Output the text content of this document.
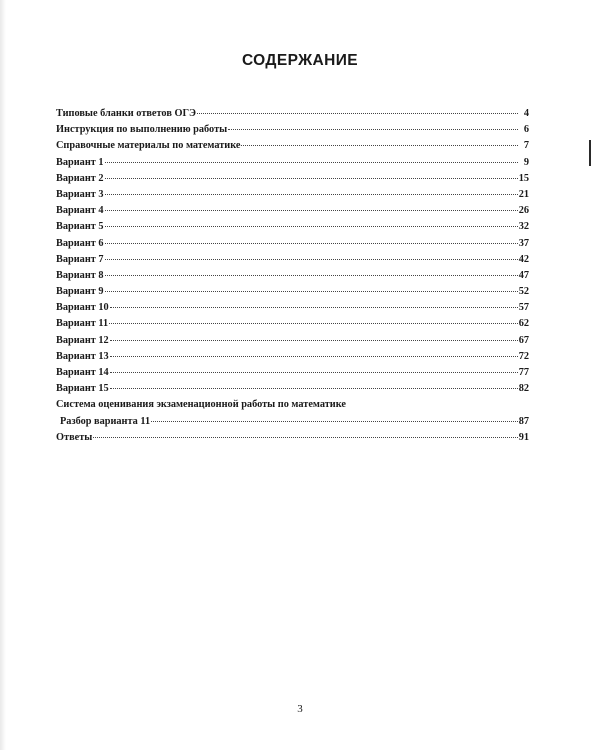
СОДЕРЖАНИЕ
Типовые бланки ответов ОГЭ	4
Инструкция по выполнению работы	6
Справочные материалы по математике	7
Вариант 1	9
Вариант 2	15
Вариант 3	21
Вариант 4	26
Вариант 5	32
Вариант 6	37
Вариант 7	42
Вариант 8	47
Вариант 9	52
Вариант 10	57
Вариант 11	62
Вариант 12	67
Вариант 13	72
Вариант 14	77
Вариант 15	82
Система оценивания экзаменационной работы по математике
Разбор варианта 11	87
Ответы	91
3
